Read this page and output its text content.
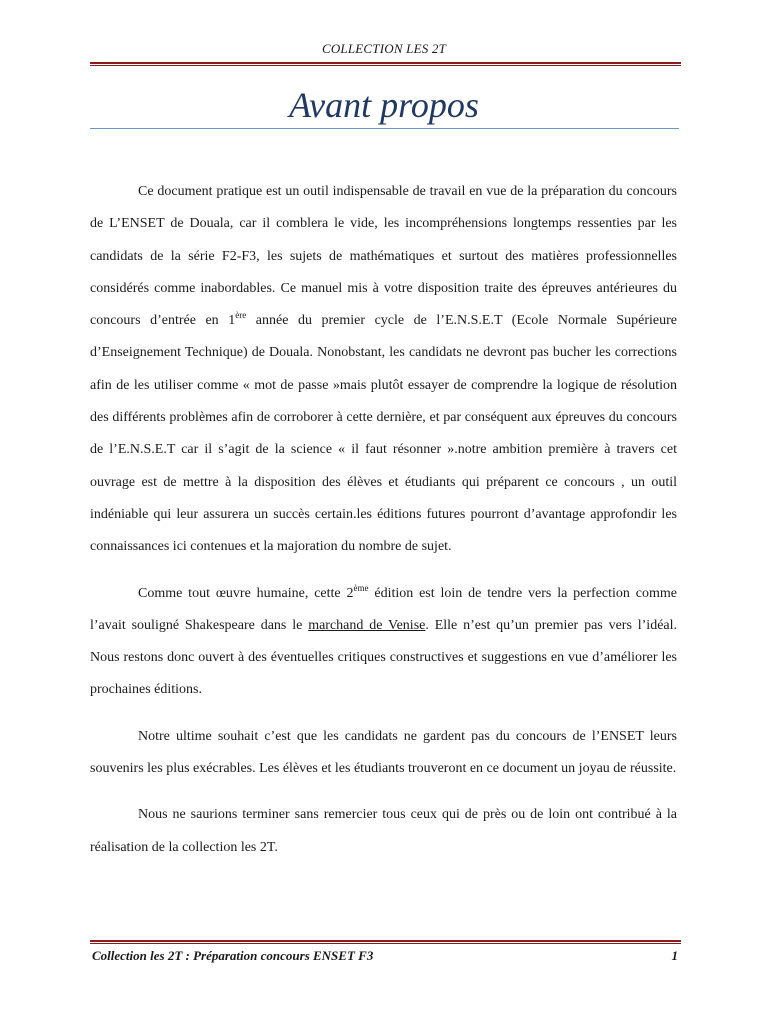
COLLECTION LES 2T
Avant propos

Ce document pratique est un outil indispensable de travail en vue de la préparation du concours de L’ENSET de Douala, car il comblera le vide, les incompréhensions longtemps ressenties par les candidats de la série F2-F3, les sujets de mathématiques et surtout des matières professionnelles considérés comme inabordables. Ce manuel mis à votre disposition traite des épreuves antérieures du concours d’entrée en 1ère année du premier cycle de l’E.N.S.E.T (Ecole Normale Supérieure d’Enseignement Technique) de Douala. Nonobstant, les candidats ne devront pas bucher les corrections afin de les utiliser comme « mot de passe »mais plutôt essayer de comprendre la logique de résolution des différents problèmes afin de corroborer à cette dernière, et par conséquent aux épreuves du concours de l’E.N.S.E.T car il s’agit de la science « il faut résonner ».notre ambition première à travers cet ouvrage est de mettre à la disposition des élèves et étudiants qui préparent ce concours , un outil indéniable qui leur assurera un succès certain.les éditions futures pourront d’avantage approfondir les connaissances ici contenues et la majoration du nombre de sujet.

Comme tout œuvre humaine, cette 2ème édition est loin de tendre vers la perfection comme l’avait souligné Shakespeare dans le marchand de Venise. Elle n’est qu’un premier pas vers l’idéal. Nous restons donc ouvert à des éventuelles critiques constructives et suggestions en vue d’améliorer les prochaines éditions.

Notre ultime souhait c’est que les candidats ne gardent pas du concours de l’ENSET leurs souvenirs les plus exécrables. Les élèves et les étudiants trouveront en ce document un joyau de réussite.

Nous ne saurions terminer sans remercier tous ceux qui de près ou de loin ont contribué à la réalisation de la collection les 2T.

Collection les 2T : Préparation concours ENSET F3	1
